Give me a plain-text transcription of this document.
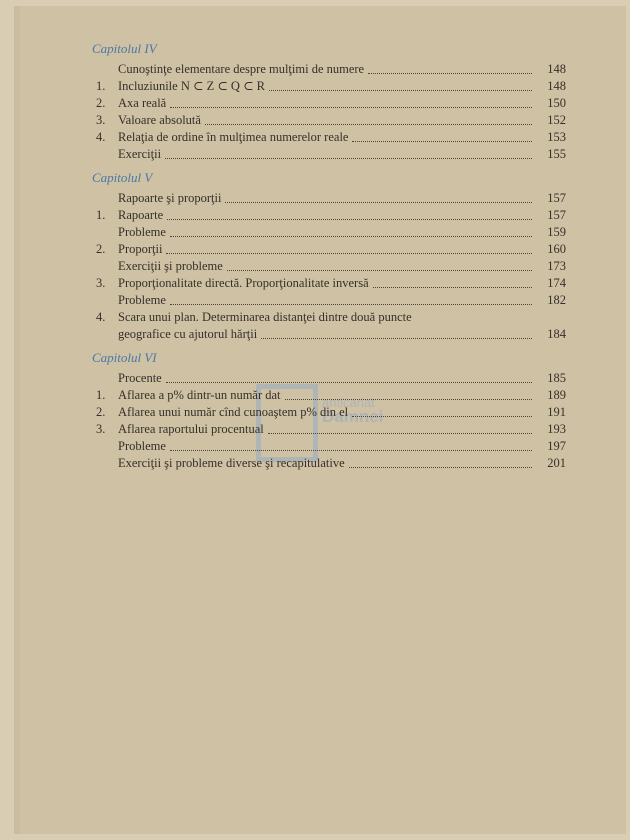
anticariat
Damnei
Capitolul IV
Cunoştinţe elementare despre mulţimi de numere	148
1.	Incluziunile N ⊂ Z ⊂ Q ⊂ R	148
2.	Axa reală	150
3.	Valoare absolută	152
4.	Relaţia de ordine în mulţimea numerelor reale	153
Exerciţii	155
Capitolul V
Rapoarte şi proporţii	157
1.	Rapoarte	157
Probleme	159
2.	Proporţii	160
Exerciţii şi probleme	173
3.	Proporţionalitate directă. Proporţionalitate inversă	174
Probleme	182
4.	Scara unui plan. Determinarea distanţei dintre două puncte
geografice cu ajutorul hărţii	184
Capitolul VI
Procente	185
1.	Aflarea a p% dintr-un număr dat	189
2.	Aflarea unui număr cînd cunoaştem p% din el	191
3.	Aflarea raportului procentual	193
Probleme	197
Exerciţii şi probleme diverse şi recapitulative	201
